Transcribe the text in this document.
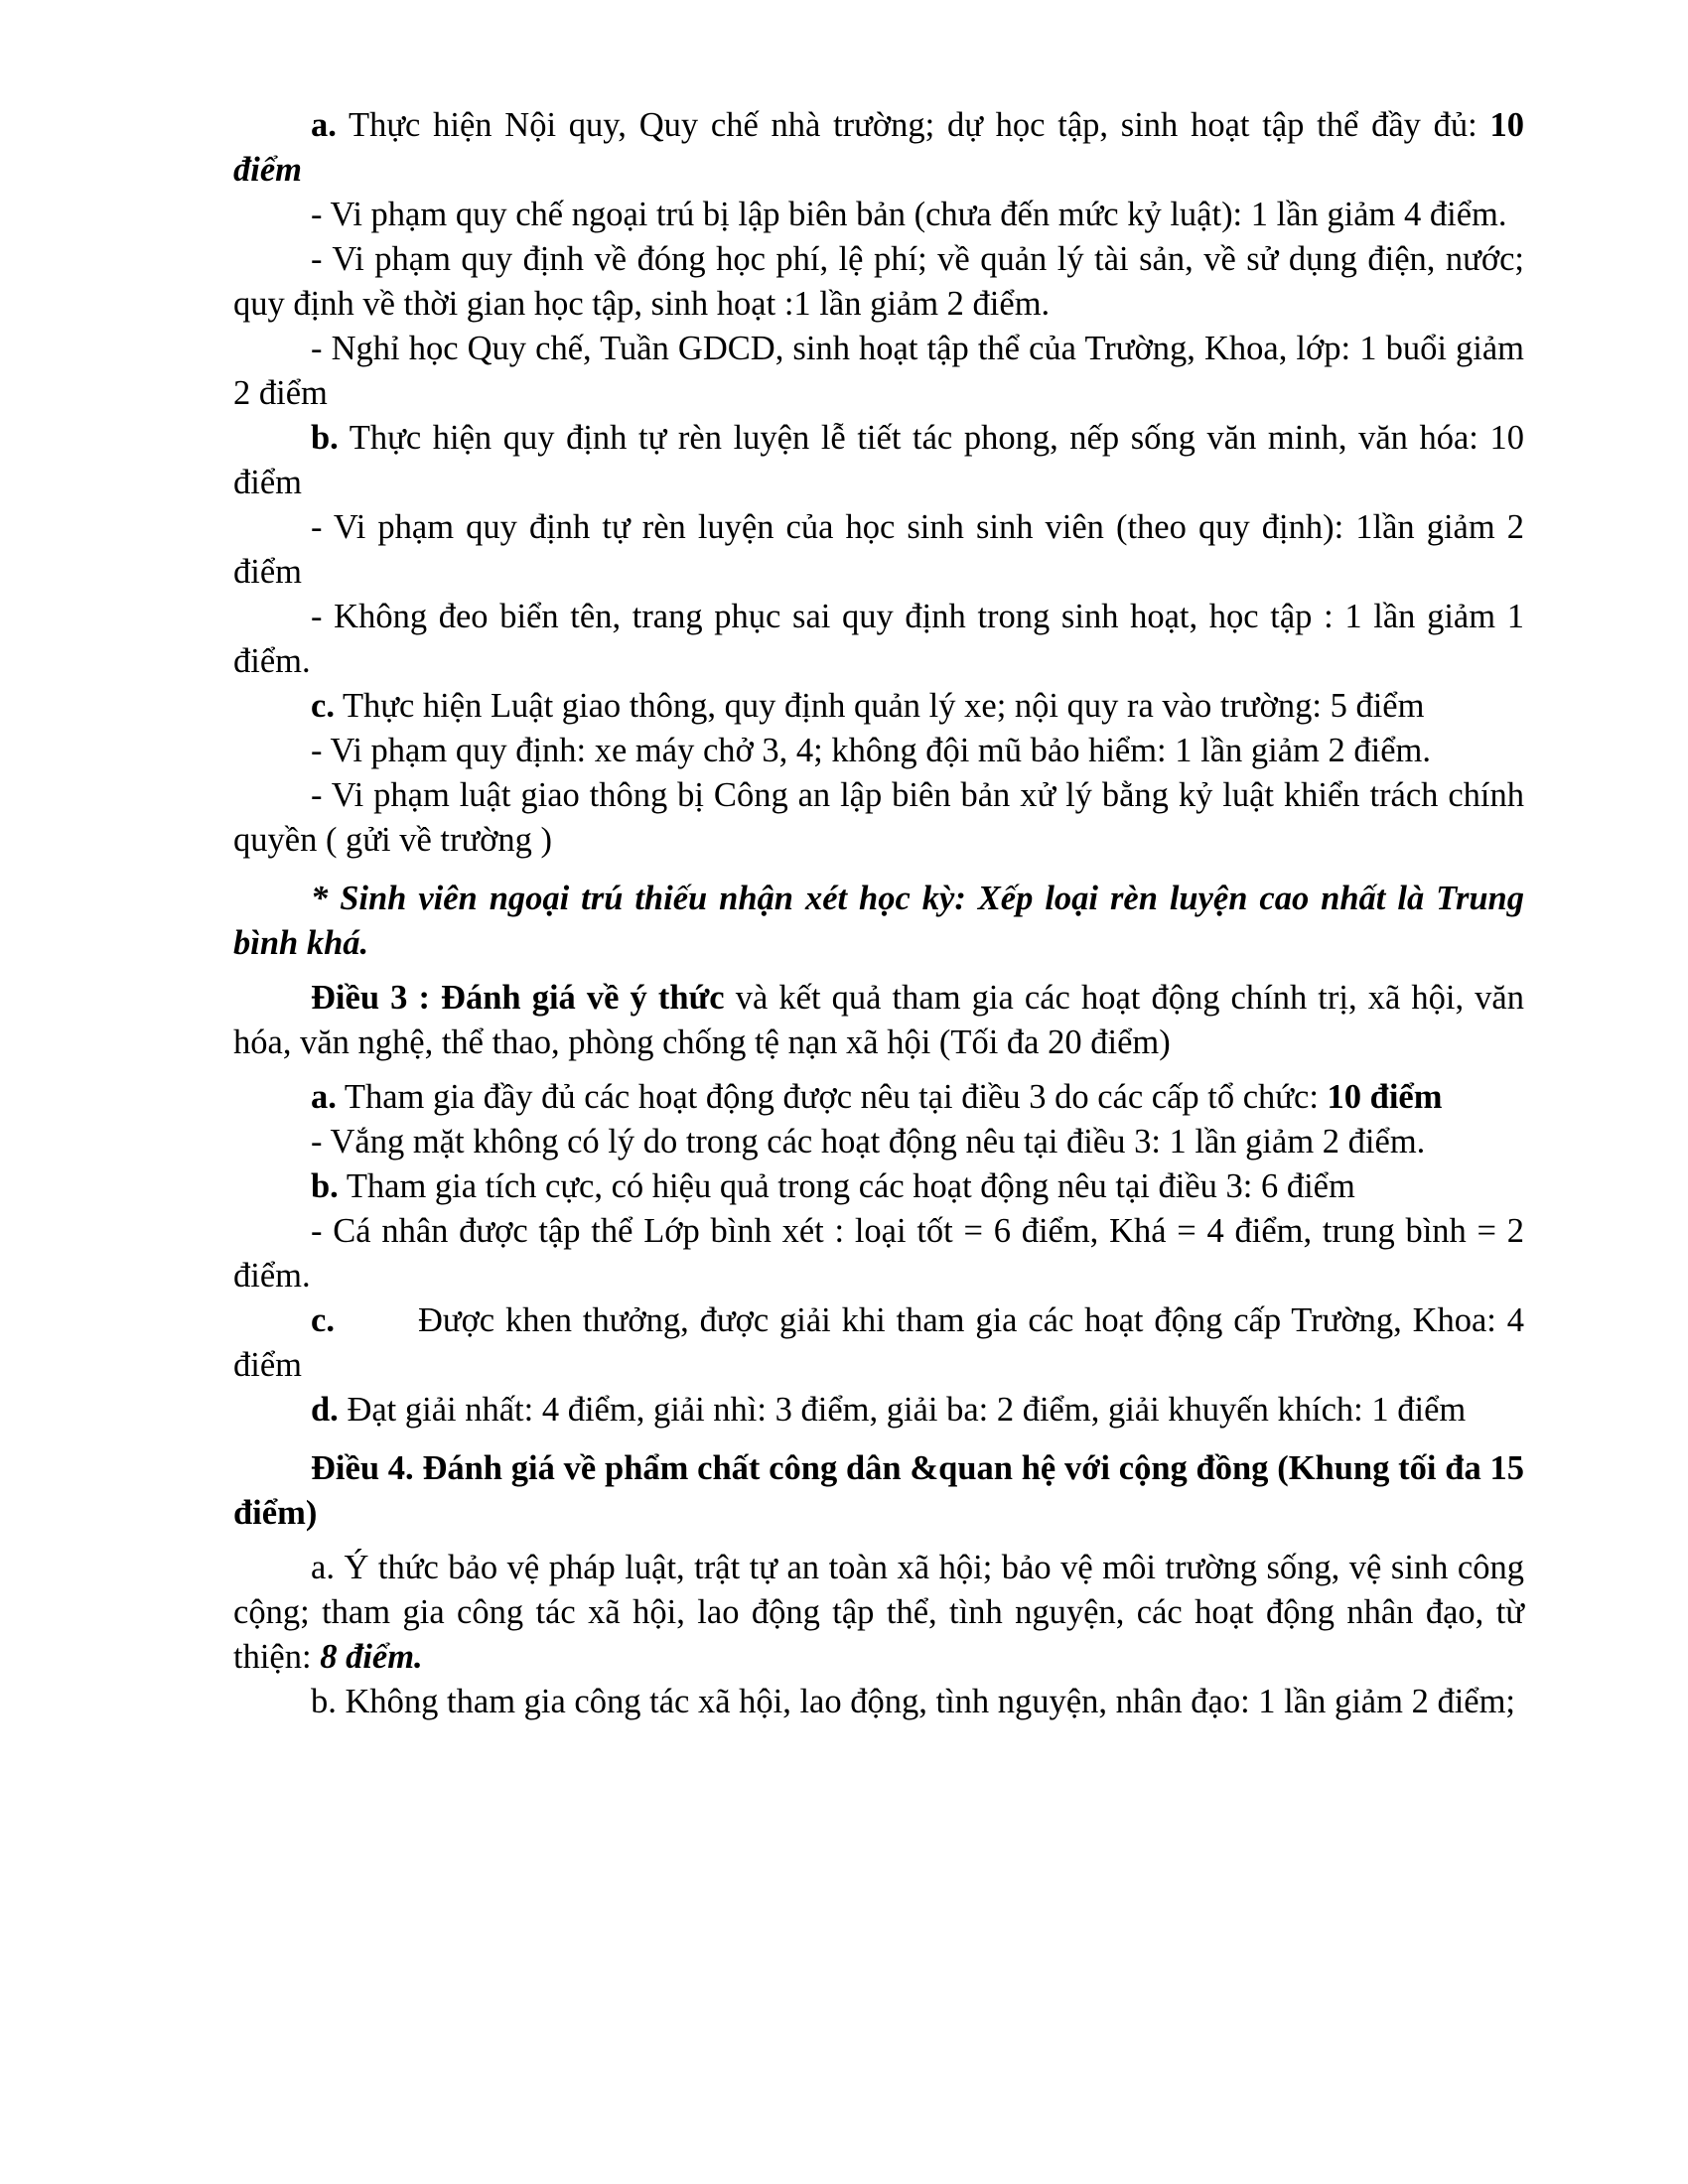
a. Thực hiện Nội quy, Quy chế nhà trường; dự học tập, sinh hoạt tập thể đầy đủ: 10 điểm

- Vi phạm quy chế ngoại trú bị lập biên bản (chưa đến mức kỷ luật): 1 lần giảm 4 điểm.

- Vi phạm quy định về đóng học phí, lệ phí; về quản lý tài sản, về sử dụng điện, nước; quy định về thời gian học tập, sinh hoạt :1 lần giảm 2 điểm.

- Nghỉ học Quy chế, Tuần GDCD, sinh hoạt tập thể của Trường, Khoa, lớp: 1 buổi giảm 2 điểm

b. Thực hiện quy định tự rèn luyện lễ tiết tác phong, nếp sống văn minh, văn hóa: 10 điểm

- Vi phạm quy định tự rèn luyện của học sinh sinh viên (theo quy định): 1lần giảm 2 điểm

- Không đeo biển tên, trang phục sai quy định trong sinh hoạt, học tập : 1 lần giảm 1 điểm.

c. Thực hiện Luật giao thông, quy định quản lý xe; nội quy ra vào trường: 5 điểm

- Vi phạm quy định: xe máy chở 3, 4; không đội mũ bảo hiểm: 1 lần giảm 2 điểm.

- Vi phạm luật giao thông bị Công an lập biên bản xử lý bằng kỷ luật khiển trách chính quyền ( gửi về trường )

* Sinh viên ngoại trú thiếu nhận xét học kỳ: Xếp loại rèn luyện cao nhất là Trung bình khá.

Điều 3 : Đánh giá về ý thức và kết quả tham gia các hoạt động chính trị, xã hội, văn hóa, văn nghệ, thể thao, phòng chống tệ nạn xã hội (Tối đa 20 điểm)

a. Tham gia đầy đủ các hoạt động được nêu tại điều 3 do các cấp tổ chức: 10 điểm

- Vắng mặt không có lý do trong các hoạt động nêu tại điều 3: 1 lần giảm 2 điểm.

b. Tham gia tích cực, có hiệu quả trong các hoạt động nêu tại điều 3: 6 điểm

- Cá nhân được tập thể Lớp bình xét : loại tốt = 6 điểm, Khá = 4 điểm, trung bình = 2 điểm.

c. Được khen thưởng, được giải khi tham gia các hoạt động cấp Trường, Khoa: 4 điểm

d. Đạt giải nhất: 4 điểm, giải nhì: 3 điểm, giải ba: 2 điểm, giải khuyến khích: 1 điểm

Điều 4. Đánh giá về phẩm chất công dân &quan hệ với cộng đồng (Khung tối đa 15 điểm)

a. Ý thức bảo vệ pháp luật, trật tự an toàn xã hội; bảo vệ môi trường sống, vệ sinh công cộng; tham gia công tác xã hội, lao động tập thể, tình nguyện, các hoạt động nhân đạo, từ thiện: 8 điểm.

b. Không tham gia công tác xã hội, lao động, tình nguyện, nhân đạo: 1 lần giảm 2 điểm;
